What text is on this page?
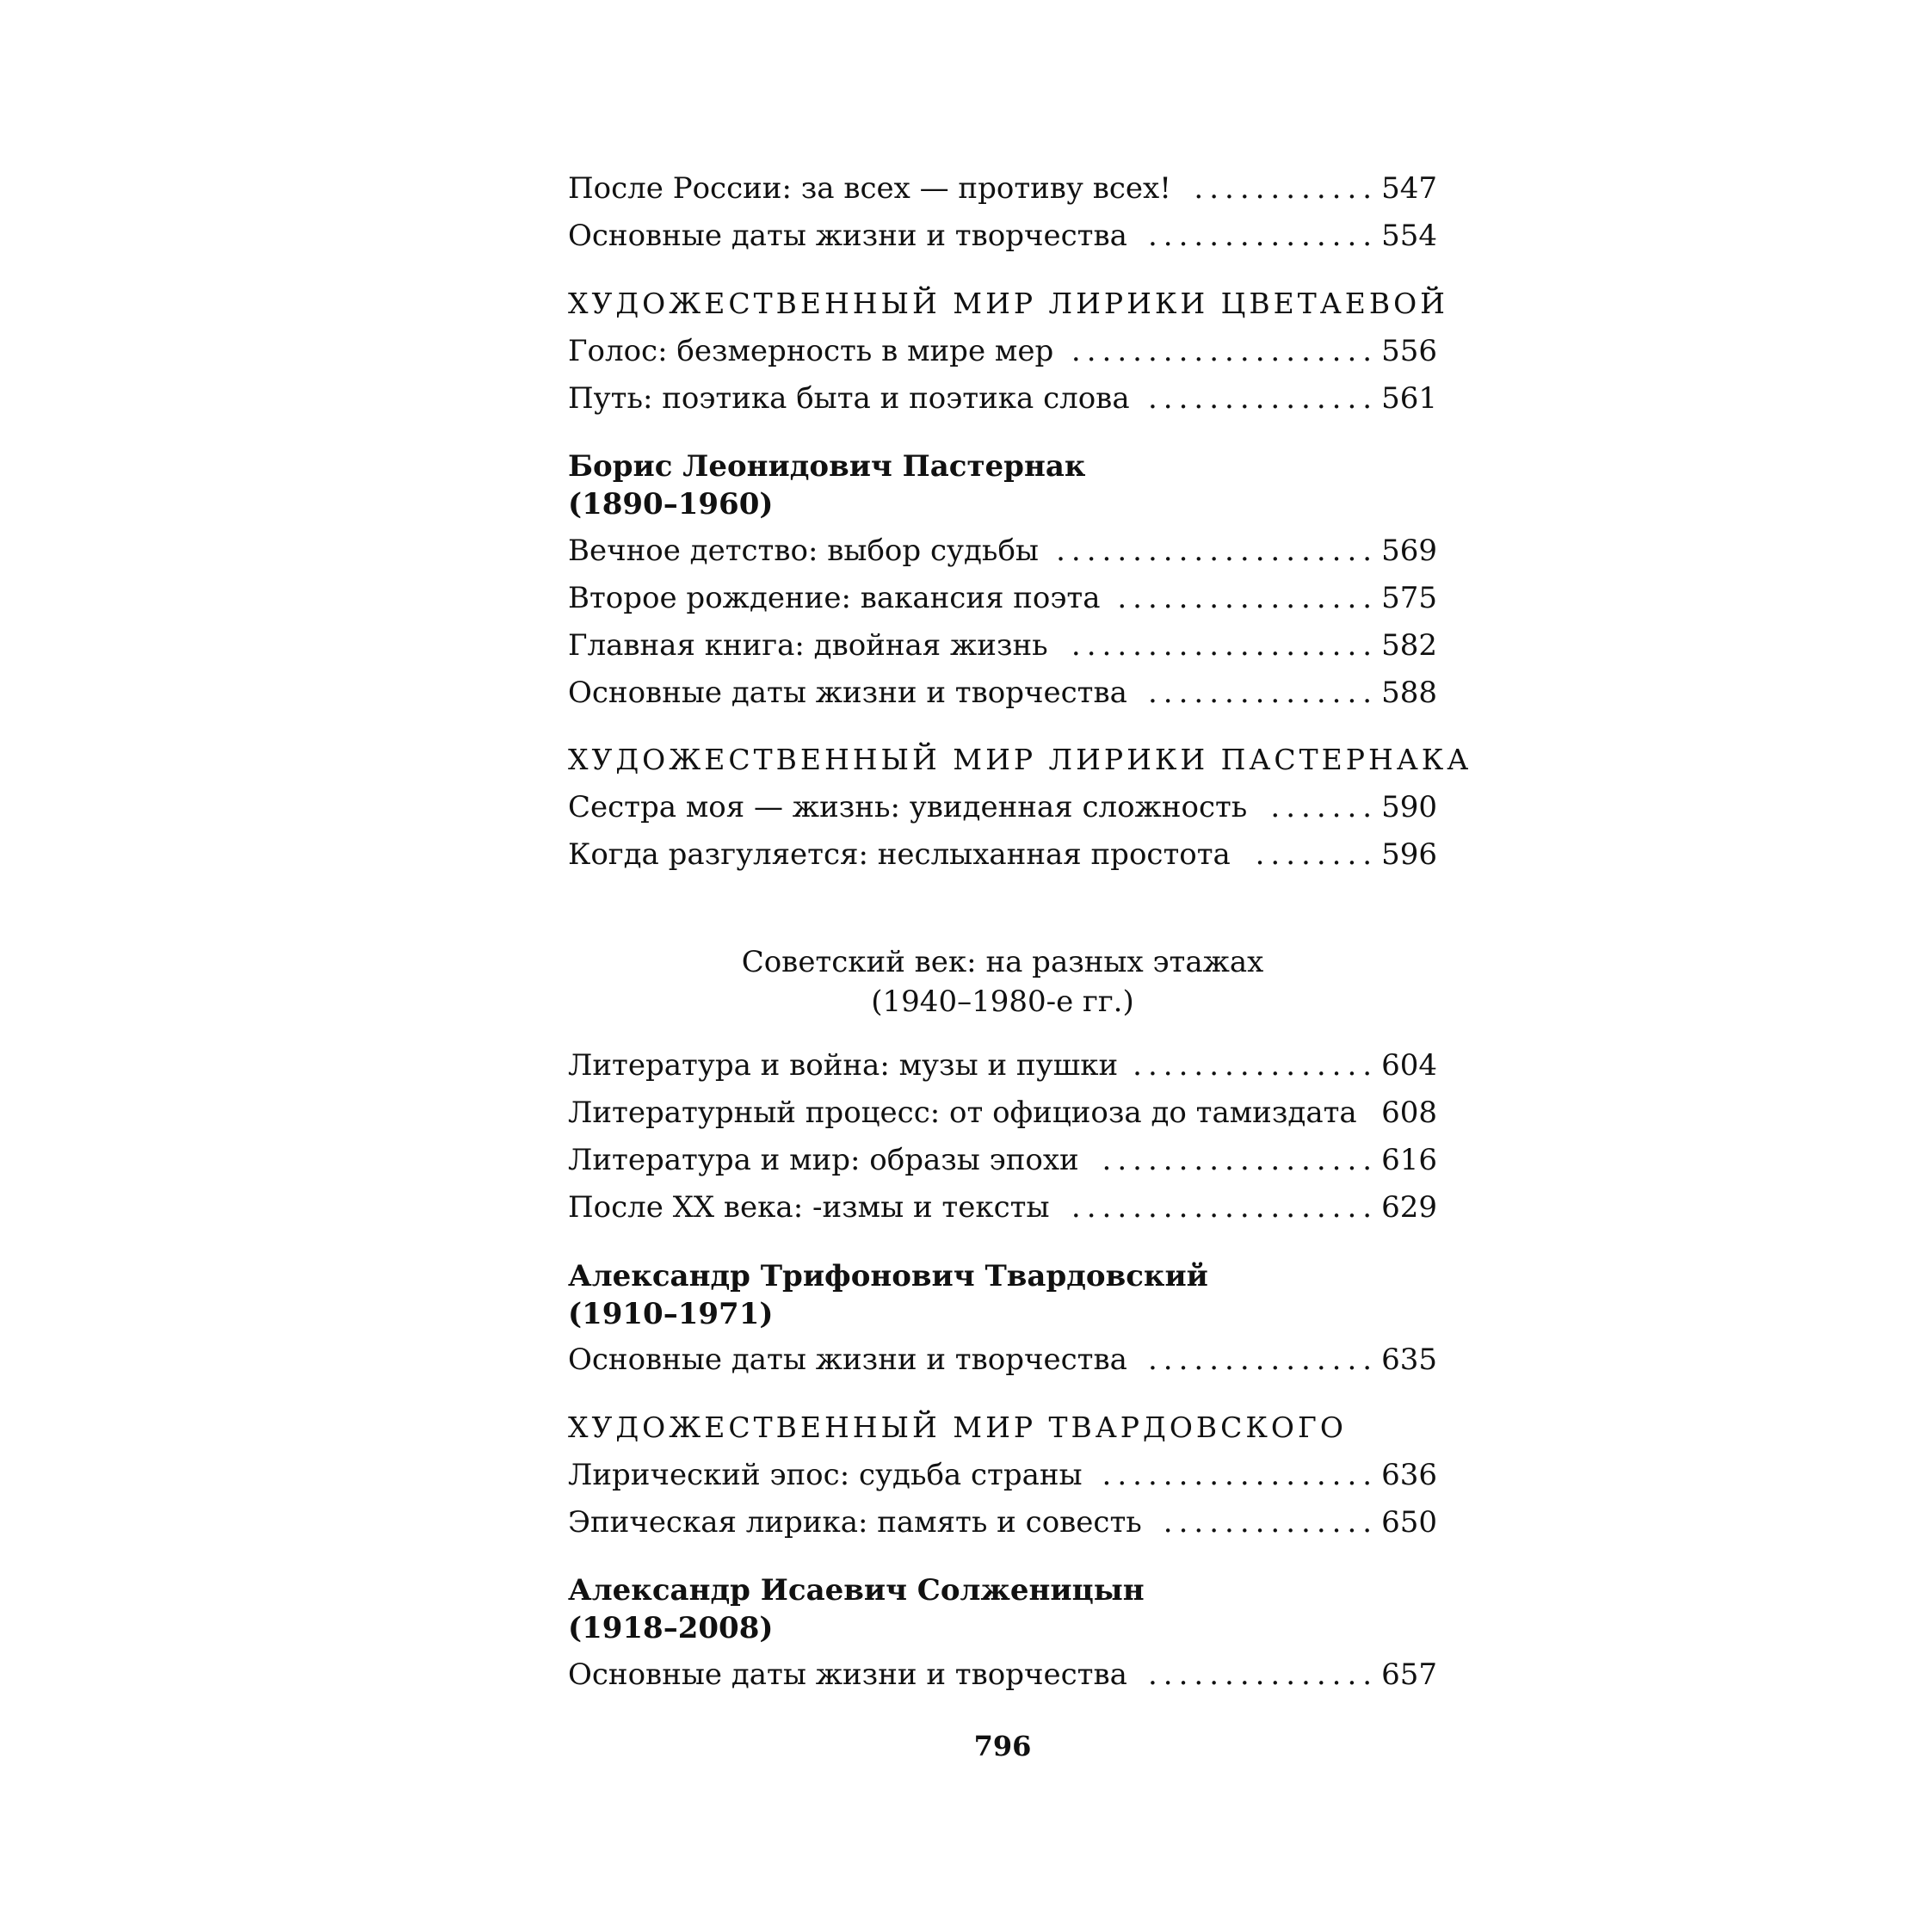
После России: за всех — противу всех! .....	547
Основные даты жизни и творчества .....	554
ХУДОЖЕСТВЕННЫЙ МИР ЛИРИКИ ЦВЕТАЕВОЙ
Голос: безмерность в мире мер .....	556
Путь: поэтика быта и поэтика слова .....	561
Борис Леонидович Пастернак
(1890–1960)
Вечное детство: выбор судьбы .....	569
Второе рождение: вакансия поэта .....	575
Главная книга: двойная жизнь .....	582
Основные даты жизни и творчества .....	588
ХУДОЖЕСТВЕННЫЙ МИР ЛИРИКИ ПАСТЕРНАКА
Сестра моя — жизнь: увиденная сложность .....	590
Когда разгуляется: неслыханная простота .....	596
Советский век: на разных этажах
(1940–1980-е гг.)
Литература и война: музы и пушки .....	604
Литературный процесс: от официоза до тамиздата ..... 608
Литература и мир: образы эпохи .....	616
После XX века: -измы и тексты .....	629
Александр Трифонович Твардовский
(1910–1971)
Основные даты жизни и творчества .....	635
ХУДОЖЕСТВЕННЫЙ МИР ТВАРДОВСКОГО
Лирический эпос: судьба страны .....	636
Эпическая лирика: память и совесть .....	650
Александр Исаевич Солженицын
(1918–2008)
Основные даты жизни и творчества .....	657
796
